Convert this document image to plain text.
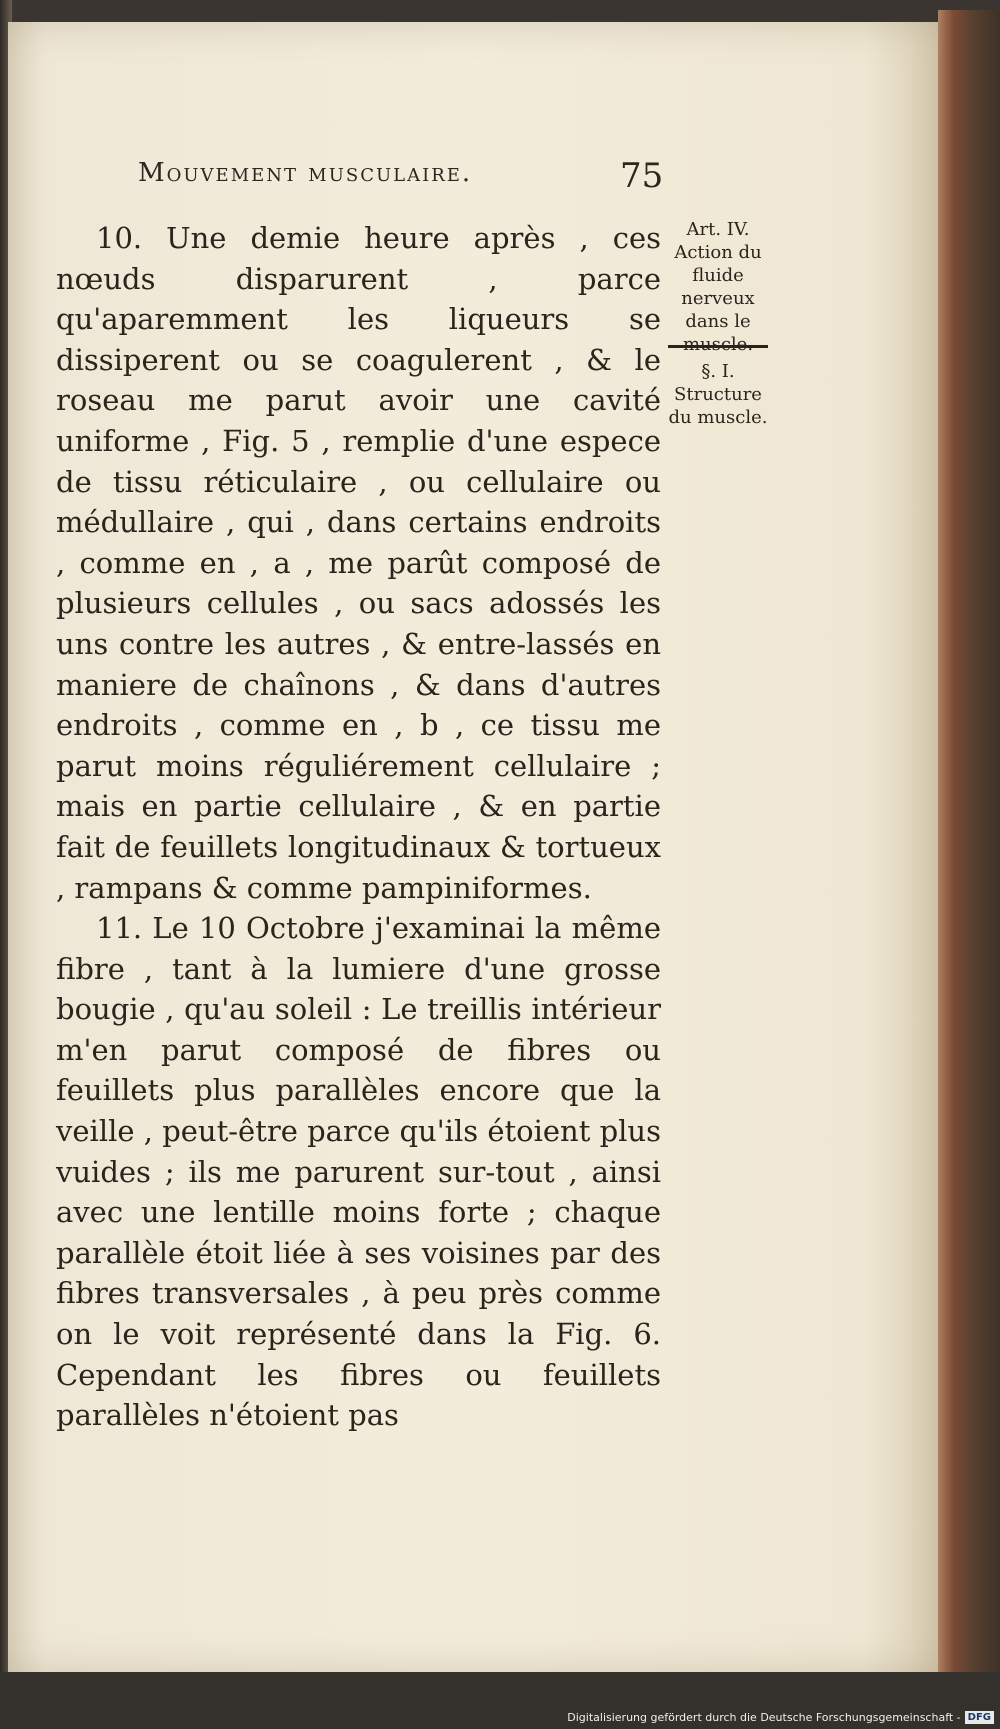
Mouvement musculaire.	75

10. Une demie heure après , ces nœuds disparurent , parce qu'aparemment les liqueurs se dissiperent ou se coagulerent , & le roseau me parut avoir une cavité uniforme , Fig. 5 , remplie d'une espece de tissu réticulaire , ou cellulaire ou médullaire , qui , dans certains endroits , comme en , a , me parût composé de plusieurs cellules , ou sacs adossés les uns contre les autres , & entre-lassés en maniere de chaînons , & dans d'autres endroits , comme en , b , ce tissu me parut moins réguliérement cellulaire ; mais en partie cellulaire , & en partie fait de feuillets longitudinaux & tortueux , rampans & comme pampiniformes.

11. Le 10 Octobre j'examinai la même fibre , tant à la lumiere d'une grosse bougie , qu'au soleil : Le treillis intérieur m'en parut composé de fibres ou feuillets plus parallèles encore que la veille , peut-être parce qu'ils étoient plus vuides ; ils me parurent sur-tout , ainsi avec une lentille moins forte ; chaque parallèle étoit liée à ses voisines par des fibres transversales , à peu près comme on le voit représenté dans la Fig. 6. Cependant les fibres ou feuillets parallèles n'étoient pas

Art. IV. Action du fluide nerveux dans le
§. I. Structure du muscle.
Digitalisierung gefördert durch die Deutsche Forschungsgemeinschaft - DFG
